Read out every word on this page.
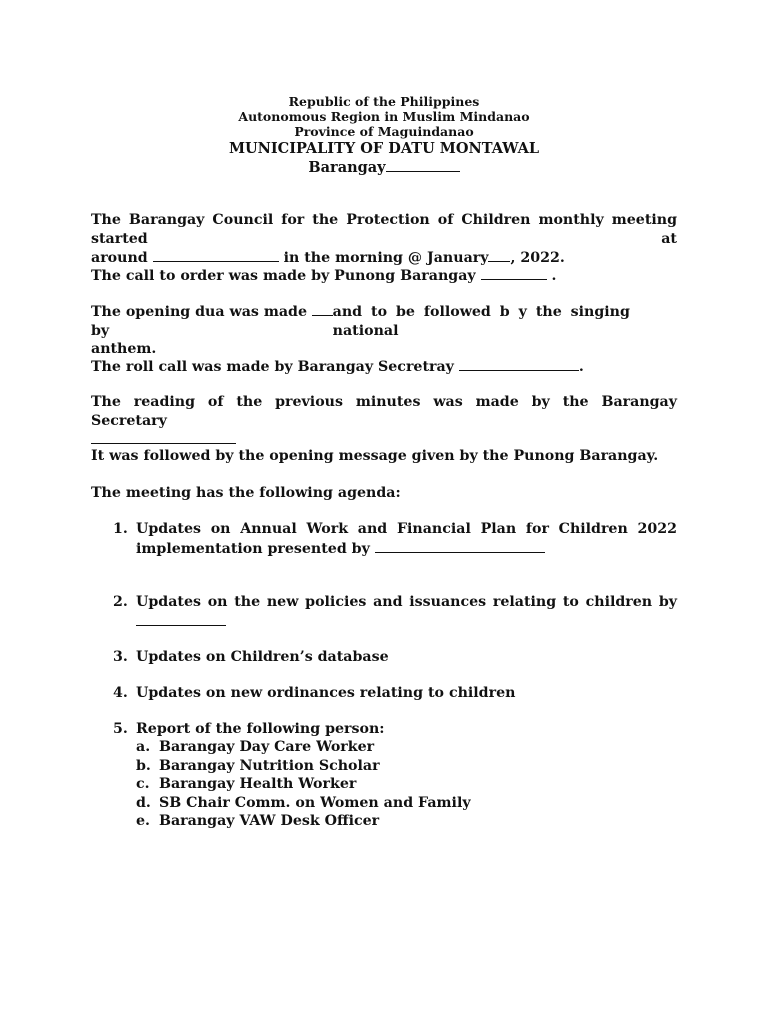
Republic of the Philippines
Autonomous Region in Muslim Mindanao
Province of Maguindanao
MUNICIPALITY OF DATU MONTAWAL
Barangay
The Barangay Council for the Protection of Children monthly meeting started at
around	in the morning @ January , 2022.
The call to order was made by Punong Barangay	.
The opening dua was made by
and to be followed b y the singing national
anthem.
The roll call was made by Barangay Secretray	.
The reading of the previous minutes was made by the Barangay Secretary
It was followed by the opening message given by the Punong Barangay.
The meeting has the following agenda:
1. Updates on Annual Work and Financial Plan for Children 2022
implementation presented by
2. Updates on the new policies and issuances relating to children by
3. Updates on Children’s database
4. Updates on new ordinances relating to children
5. Report of the following person:
a. Barangay Day Care Worker
b. Barangay Nutrition Scholar
c. Barangay Health Worker
d. SB Chair Comm. on Women and Family
e. Barangay VAW Desk Officer
